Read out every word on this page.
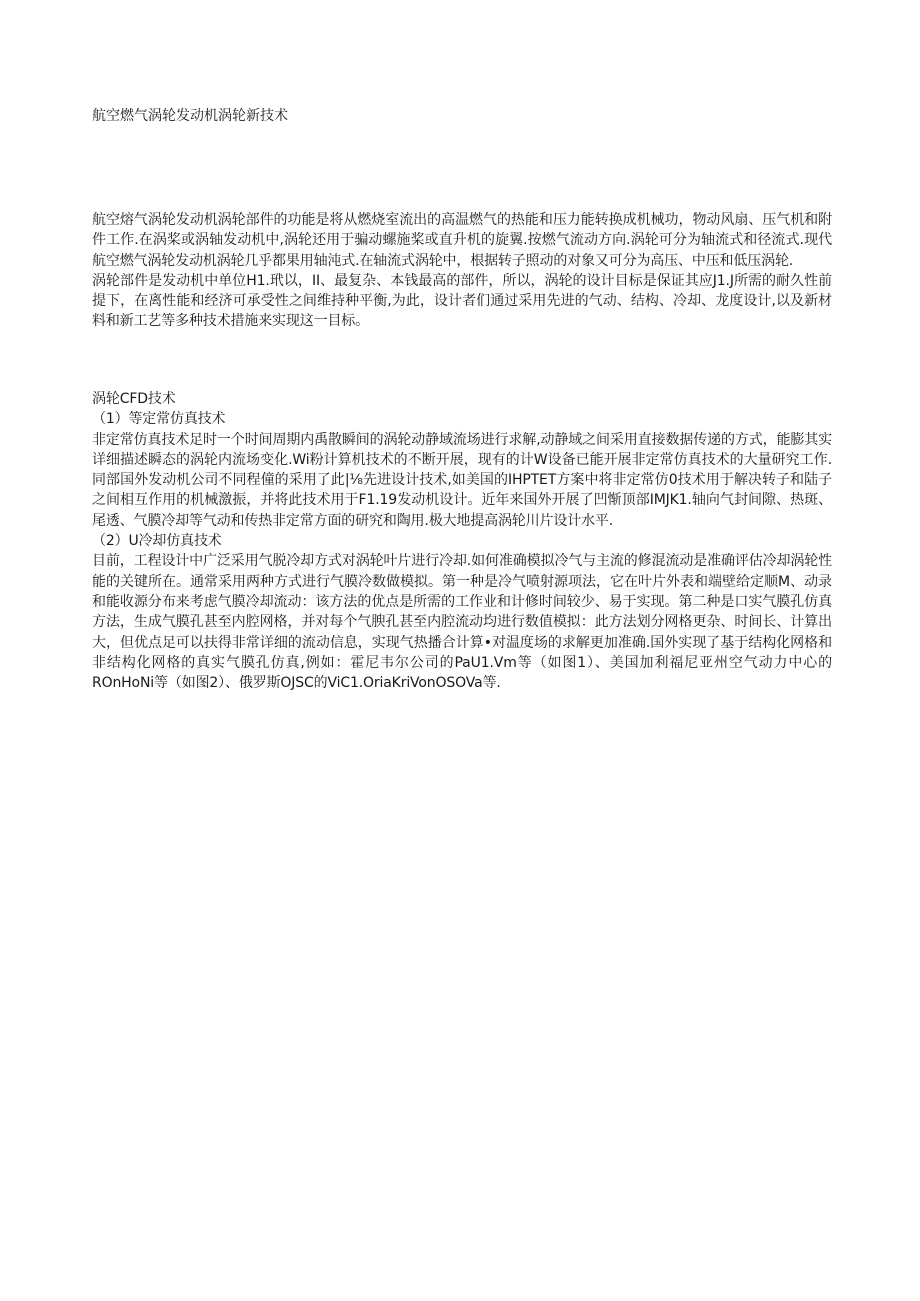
航空燃气涡轮发动机涡轮新技术

航空熔气涡轮发动机涡轮部件的功能是将从燃烧室流出的高温燃气的热能和压力能转换成机械功，物动风扇、压气机和附件工作.在涡桨或涡轴发动机中,涡轮还用于骗动螺施桨或直升机的旋翼.按燃气流动方向.涡轮可分为轴流式和径流式.现代航空燃气涡轮发动机涡轮几乎都果用轴沌式.在轴流式涡轮中，根据转子照动的对象又可分为高压、中压和低压涡轮.

涡轮部件是发动机中单位H1.玳以，II、最复杂、本钱最高的部件，所以，涡轮的设计目标是保证其应J1.J所需的耐久性前提下，在离性能和经济可承受性之间维持种平衡,为此，设计者们通过采用先进的气动、结构、冷却、龙度设计,以及新材料和新工艺等多种技术措施来实现这一目标。

涡轮CFD技术

（1）等定常仿真技术

非定常仿真技术足时一个时间周期内禹散瞬间的涡轮动静域流场进行求解,动静域之间采用直接数据传递的方式，能膨其实详细描述瞬态的涡轮内流场变化.Wi粉计算机技术的不断开展，现有的计W设备已能开展非定常仿真技术的大量研究工作.同部国外发动机公司不同程僮的采用了此|⅛先进设计技术,如美国的IHPTET方案中将非定常仿0技术用于解决转子和陆子之间相互作用的机械激振，并将此技术用于F1.19发动机设计。近年来国外开展了凹惭顶部IMJK1.轴向气封间隙、热斑、尾透、气膜冷却等气动和传热非定常方面的研究和陶用.极大地提高涡轮川片设计水平.

（2）U冷却仿真技术

目前，工程设计中广泛采用气脱冷却方式对涡轮叶片进行冷却.如何准确模拟冷气与主流的修混流动是准确评估冷却涡轮性能的关键所在。通常采用两种方式进行气膜冷数做模拟。第一种是冷气喷射源项法，它在叶片外表和端壁给定顺M、动录和能收源分布来考虑气膜冷却流动：该方法的优点是所需的工作业和计修时间较少、易于实现。第二种是口实气膜孔仿真方法，生成气膜孔甚至内腔网格，并对每个气腴孔甚至内腔流动均进行数值模拟：此方法划分网格更杂、时间长、计算出大，但优点足可以扶得非常详细的流动信息，实现气热播合计算•对温度场的求解更加准确.国外实现了基于结构化网格和非结构化网格的真实气膜孔仿真,例如：霍尼韦尔公司的PaU1.Vm等（如图1）、美国加利福尼亚州空气动力中心的ROnHoNi等（如图2）、俄罗斯OJSC的ViC1.OriaKriVonOSOVa等.
